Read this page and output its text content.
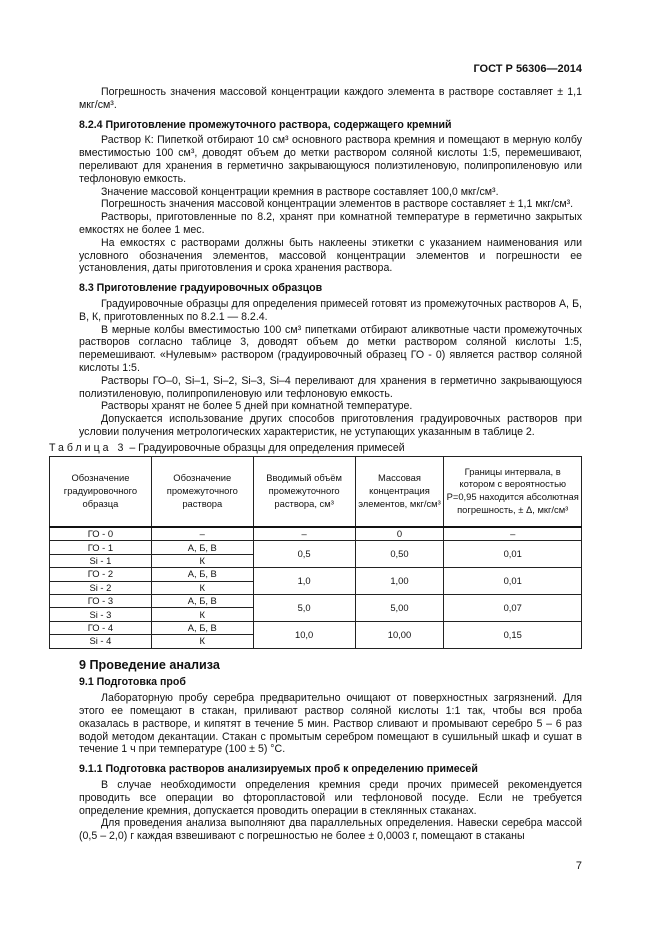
ГОСТ Р 56306—2014

Погрешность значения массовой концентрации каждого элемента в растворе составляет ± 1,1 мкг/см³.

8.2.4 Приготовление промежуточного раствора, содержащего кремний

Раствор К: Пипеткой отбирают 10 см³ основного раствора кремния и помещают в мерную колбу вместимостью 100 см³, доводят объем до метки раствором соляной кислоты 1:5, перемешивают, переливают для хранения в герметично закрывающуюся полиэтиленовую, полипропиленовую или тефлоновую емкость.

Значение массовой концентрации кремния в растворе составляет 100,0 мкг/см³.

Погрешность значения массовой концентрации элементов в растворе составляет ± 1,1 мкг/см³.

Растворы, приготовленные по 8.2, хранят при комнатной температуре в герметично закрытых емкостях не более 1 мес.

На емкостях с растворами должны быть наклеены этикетки с указанием наименования или условного обозначения элементов, массовой концентрации элементов и погрешности ее установления, даты приготовления и срока хранения раствора.

8.3 Приготовление градуировочных образцов

Градуировочные образцы для определения примесей готовят из промежуточных растворов А, Б, В, К, приготовленных по 8.2.1 — 8.2.4.

В мерные колбы вместимостью 100 см³ пипетками отбирают аликвотные части промежуточных растворов согласно таблице 3, доводят объем до метки раствором соляной кислоты 1:5, перемешивают. «Нулевым» раствором (градуировочный образец ГО - 0) является раствор соляной кислоты 1:5.

Растворы ГО–0, Si–1, Si–2, Si–3, Si–4 переливают для хранения в герметично закрывающуюся полиэтиленовую, полипропиленовую или тефлоновую емкость.

Растворы хранят не более 5 дней при комнатной температуре.

Допускается использование других способов приготовления градуировочных растворов при условии получения метрологических характеристик, не уступающих указанным в таблице 2.

Таблица 3 – Градуировочные образцы для определения примесей
Обозначение градуировочного образца	Обозначение промежуточного раствора	Вводимый объём промежуточного раствора, см³	Массовая концентрация элементов, мкг/см³	Границы интервала, в котором с вероятностью P=0,95 находится абсолютная погрешность, ± Δ, мкг/см³
ГО - 0	–	–	0	–
ГО - 1	А, Б, В	0,5	0,50	0,01
Si - 1	К			
ГО - 2	А, Б, В	1,0	1,00	0,01
Si - 2	К			
ГО - 3	А, Б, В	5,0	5,00	0,07
Si - 3	К			
ГО - 4	А, Б, В	10,0	10,00	0,15
Si - 4	К			
9 Проведение анализа
9.1 Подготовка проб

Лабораторную пробу серебра предварительно очищают от поверхностных загрязнений. Для этого ее помещают в стакан, приливают раствор соляной кислоты 1:1 так, чтобы вся проба оказалась в растворе, и кипятят в течение 5 мин. Раствор сливают и промывают серебро 5 – 6 раз водой методом декантации. Стакан с промытым серебром помещают в сушильный шкаф и сушат в течение 1 ч при температуре (100 ± 5) °С.

9.1.1 Подготовка растворов анализируемых проб к определению примесей

В случае необходимости определения кремния среди прочих примесей рекомендуется проводить все операции во фторопластовой или тефлоновой посуде. Если не требуется определение кремния, допускается проводить операции в стеклянных стаканах.

Для проведения анализа выполняют два параллельных определения. Навески серебра массой (0,5 – 2,0) г каждая взвешивают с погрешностью не более ± 0,0003 г, помещают в стаканы

7
